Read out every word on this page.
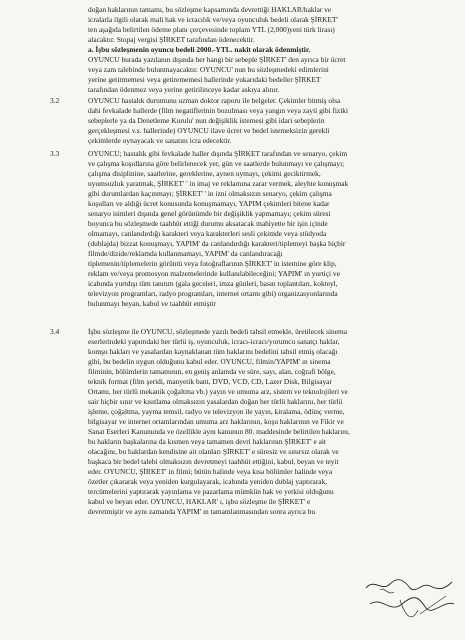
doğan haklarının tamamı, bu sözleşme kapsamında devrettiği HAKLAR/haklar ve
icralarla ilgili olarak mali hak ve icracılık ve/veya oyunculuk bedeli olarak ŞİRKET'
ten aşağıda belirtilen ödeme planı çerçevesinde toplam YTL (2,000)yeni türk lirası)
alacaktır. Stopaj vergisi ŞİRKET tarafından ödenecektir.
a. İşbu sözleşmenin oyuncu bedeli 2000.-YTL. nakit olarak ödenmiştir.
OYUNCU burada yazılanın dışında her hangi bir sebeple ŞİRKET' den ayrıca bir ücret
veya zam talebinde bulunmayacaktır. OYUNCU' nun bu sözleşmedeki edimlerini
yerine getirmemesi veya getirememesi hallerinde yukarıdaki bedeller ŞİRKET
tarafından ödenmez veya yerine getirilinceye kadar askıya alınır.
3.2	OYUNCU hastalık durumunu uzman doktor raporu ile belgeler. Çekimler bitmiş olsa
dahi fevkalade hallerde (film negatiflerinin bozulması veya yangın veya zayii gibi fiziki
sebeplerle ya da Denetleme Kurulu' nun değişiklik istemesi gibi idari sebeplerin
gerçekleşmesi v.s. hallerinde) OYUNCU ilave ücret ve bedel istemeksizin gerekli
çekimlerde oynayacak ve sanatını icra edecektir.
3.3	OYUNCU; hastalık gibi fevkalade haller dışında ŞİRKET tarafından ve senaryo, çekim
ve çalışma koşullarına göre belirlenecek yer, gün ve saatlerde bulunmayı ve çalışmayı;
çalışma disiplinine, saatlerine, gereklerine, aynen uymayı, çekimi geciktirmek,
uyumsuzluk yaratmak, ŞİRKET' ' in imaj ve reklamına zarar vermek, aleyhte konuşmak
gibi durumlardan kaçınmayı; ŞİRKET' ' in izni olmaksızın senaryo, çekim çalışma
koşulları ve aldığı ücret konusunda konuşmamayı, YAPIM çekimleri bitene kadar
senaryo isimleri dışında genel görünümde bir değişiklik yapmamayı; çekim süresi
boyunca bu sözleşmede taahhüt ettiği durumu aksatacak mahiyette bir işin içinde
olmamayı, canlandırdığı karakteri veya karakterleri sesli çekimde veya stüdyoda
(dublajda) bizzat konuşmayı, YAPIM' da canlandırdığı karakteri/tiplemeyi başka hiçbir
filmde/dizide/reklamda kullanmamayı, YAPIM' da canlandıracağı
tiplemenin/tiplemelerin görüntü veya fotoğraflarının ŞİRKET' in istemine göre klip,
reklam ve/veya promosyon malzemelerinde kullanılabileceğini; YAPIM' ın yurtiçi ve
icabında yurtdışı tüm tanıtım (gala geceleri, imza günleri, basın toplantıları, kokteyl,
televizyon programları, radyo programları, internet ortamı gibi) organizasyonlarında
bulunmayı beyan, kabul ve taahhüt etmiştir
3.4	İşbu sözleşme ile OYUNCU, sözleşmede yazılı bedeli tahsil etmekle, üretilecek sinema
eserlerindeki yapımdaki her türlü iş, oyunculuk, icracı-icracı/yorumcu sanatçı haklar,
komşu hakları ve yasalardan kaynaklanan tüm haklarını bedelini tahsil etmiş olacağı
gibi, bu bedelin uygun olduğunu kabul eder. OYUNCU, filmin/YAPIM' ın sinema
filminin, bölümlerin tamamının, en geniş anlamda ve süre, sayı, alan, coğrafi bölge,
teknik format (film şeridi, manyetik bant, DVD, VCD, CD, Lazer Disk, Bilgisayar
Ortamı, her türlü mekanik çoğaltma vb.) yayın ve umuma arz, sistem ve teknolojileri ve
sair hiçbir sınır ve kısıtlama olmaksızın yasalardan doğan her türlü haklarını, her türlü
işleme, çoğaltma, yayma temsil, radyo ve televizyon ile yayın, kiralama, ödünç verme,
bilgisayar ve internet ortamlarından umuma arz haklarının, koşu haklarının ve Fikir ve
Sanat Eserleri Kanununda ve özellikle aynı kanunun 80. maddesinde belirtilen haklarını,
bu hakların başkalarına da kısmen veya tamamen devri haklarının ŞİRKET' e ait
olacağını, bu haklardan kendisine ait olanları ŞİRKET' e süresiz ve sınırsız olarak ve
başkaca bir bedel talebi olmaksızın devretmeyi taahhüt ettiğini, kabul, beyan ve teyit
eder. OYUNCU, ŞİRKET' in filmi; bütün halinde veya kısa bölümler halinde veya
özetler çıkararak veya yeniden kurgulayarak, icabında yeniden dublaj yaptırarak,
tercümelerini yaptırarak yayınlama ve pazarlama mümkün hak ve yetkisi olduğunu
kabul ve beyan eder. OYUNCU, HAKLAR' ı, işbu sözleşme ile ŞİRKET' e
devretmiştir ve aynı zamanda YAPIM' ın tamamlanmasından sonra ayrıca bu
